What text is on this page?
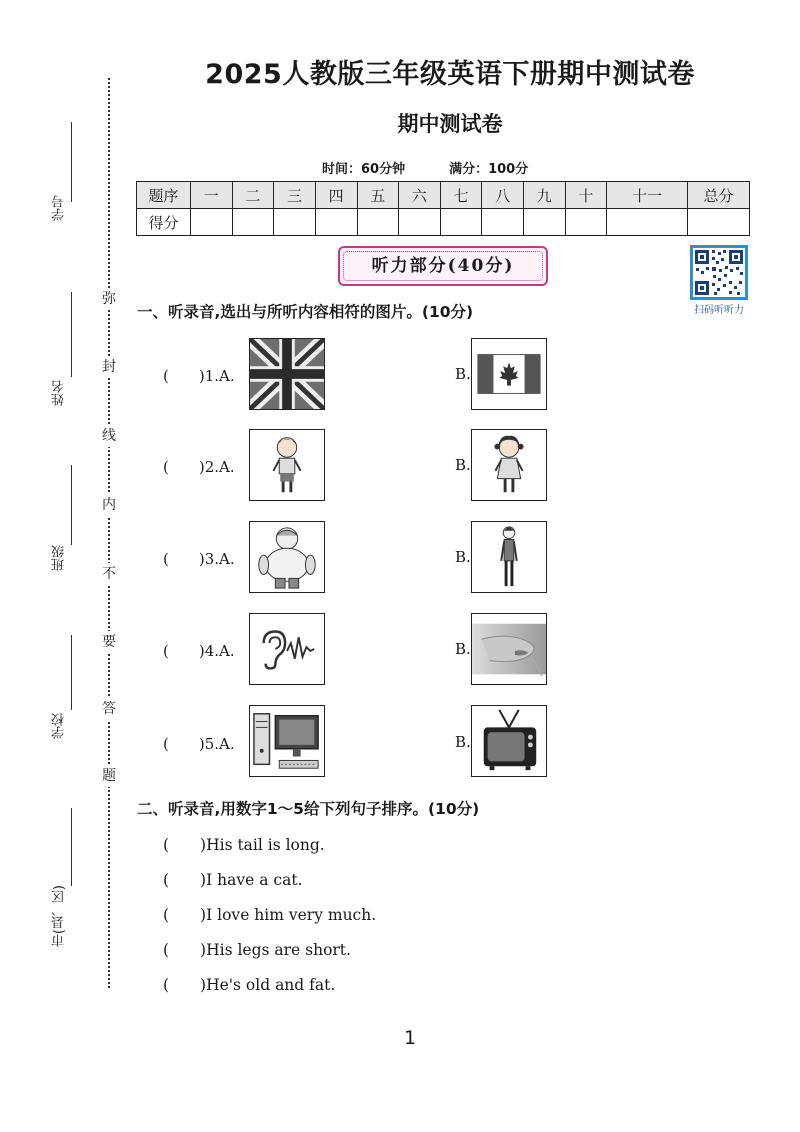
学号
姓名
班级
学校
市(县、区)
弥
封
线
内
不
要
答
题
2025人教版三年级英语下册期中测试卷
期中测试卷
时间：60分钟	满分：100分
题序	一	二	三	四	五	六	七	八	九	十	十一	总分
得分												
听力部分(40分)
扫码听听力
一、听录音,选出与所听内容相符的图片。(10分)
(　　)1.A.	B.
(　　)2.A.	B.
(　　)3.A.	B.
(　　)4.A.	B.
(　　)5.A.	B.
二、听录音,用数字1～5给下列句子排序。(10分)
(　　)His tail is long.
(　　)I have a cat.
(　　)I love him very much.
(　　)His legs are short.
(　　)He's old and fat.
1
